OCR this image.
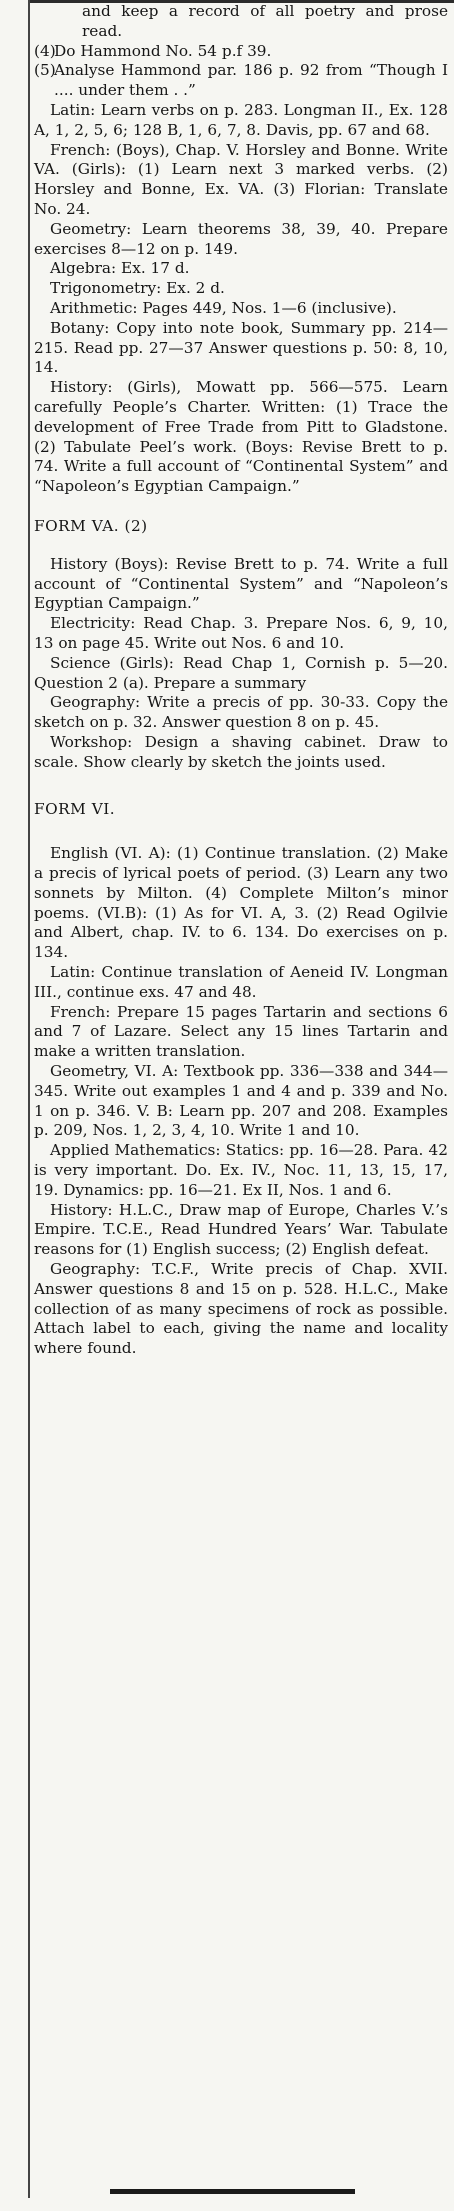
and keep a record of all poetry and prose read.

(4)Do Hammond No. 54 p.f 39.

(5)Analyse Hammond par. 186 p. 92 from “Though I .... under them . .”

Latin: Learn verbs on p. 283. Longman II., Ex. 128 A, 1, 2, 5, 6; 128 B, 1, 6, 7, 8. Davis, pp. 67 and 68.

French: (Boys), Chap. V. Horsley and Bonne. Write VA. (Girls): (1) Learn next 3 marked verbs. (2) Horsley and Bonne, Ex. VA. (3) Florian: Translate No. 24.

Geometry: Learn theorems 38, 39, 40. Prepare exercises 8—12 on p. 149.

Algebra: Ex. 17 d.

Trigonometry: Ex. 2 d.

Arithmetic: Pages 449, Nos. 1—6 (inclusive).

Botany: Copy into note book, Summary pp. 214—215. Read pp. 27—37 Answer questions p. 50: 8, 10, 14.

History: (Girls), Mowatt pp. 566—575. Learn carefully People’s Charter. Written: (1) Trace the development of Free Trade from Pitt to Gladstone. (2) Tabulate Peel’s work. (Boys: Revise Brett to p. 74. Write a full account of “Continental System” and “Napoleon’s Egyptian Campaign.”

FORM VA. (2)

History (Boys): Revise Brett to p. 74. Write a full account of “Continental System” and “Napoleon’s Egyptian Campaign.”

Electricity: Read Chap. 3. Prepare Nos. 6, 9, 10, 13 on page 45. Write out Nos. 6 and 10.

Science (Girls): Read Chap 1, Cornish p. 5—20. Question 2 (a). Prepare a summary

Geography: Write a precis of pp. 30-33. Copy the sketch on p. 32. Answer question 8 on p. 45.

Workshop: Design a shaving cabinet. Draw to scale. Show clearly by sketch the joints used.

FORM VI.

English (VI. A): (1) Continue translation. (2) Make a precis of lyrical poets of period. (3) Learn any two sonnets by Milton. (4) Complete Milton’s minor poems. (VI.B): (1) As for VI. A, 3. (2) Read Ogilvie and Albert, chap. IV. to 6. 134. Do exercises on p. 134.

Latin: Continue translation of Aeneid IV. Longman III., continue exs. 47 and 48.

French: Prepare 15 pages Tartarin and sections 6 and 7 of Lazare. Select any 15 lines Tartarin and make a written translation.

Geometry, VI. A: Textbook pp. 336—338 and 344—345. Write out examples 1 and 4 and p. 339 and No. 1 on p. 346. V. B: Learn pp. 207 and 208. Examples p. 209, Nos. 1, 2, 3, 4, 10. Write 1 and 10.

Applied Mathematics: Statics: pp. 16—28. Para. 42 is very important. Do. Ex. IV., Noc. 11, 13, 15, 17, 19. Dynamics: pp. 16—21. Ex II, Nos. 1 and 6.

History: H.L.C., Draw map of Europe, Charles V.’s Empire. T.C.E., Read Hundred Years’ War. Tabulate reasons for (1) English success; (2) English defeat.

Geography: T.C.F., Write precis of Chap. XVII. Answer questions 8 and 15 on p. 528. H.L.C., Make collection of as many specimens of rock as possible. Attach label to each, giving the name and locality where found.
